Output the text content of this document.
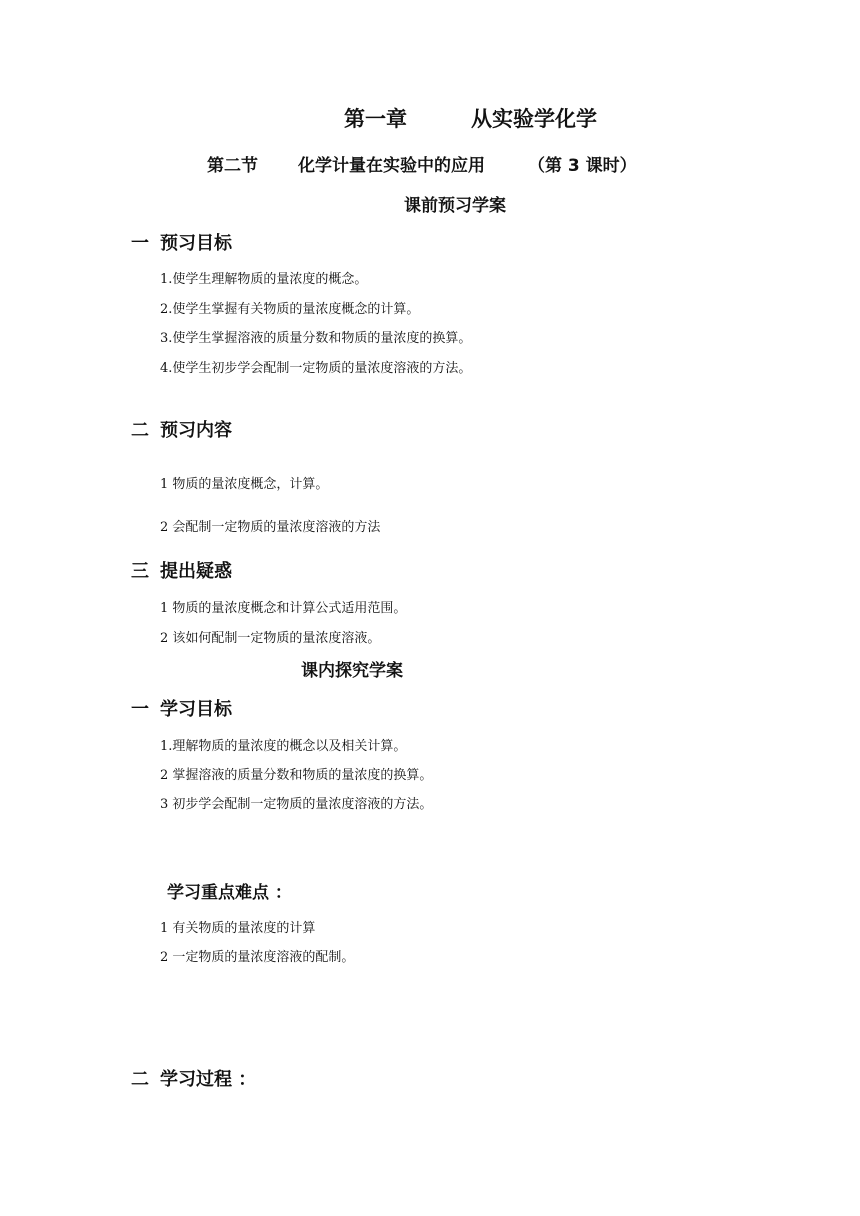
第一章	从实验学化学
第二节 化学计量在实验中的应用	（第 3 课时）
课前预习学案
一 预习目标
1.使学生理解物质的量浓度的概念。
2.使学生掌握有关物质的量浓度概念的计算。
3.使学生掌握溶液的质量分数和物质的量浓度的换算。
4.使学生初步学会配制一定物质的量浓度溶液的方法。
二 预习内容
1 物质的量浓度概念，计算。
2 会配制一定物质的量浓度溶液的方法
三 提出疑惑
1 物质的量浓度概念和计算公式适用范围。
2 该如何配制一定物质的量浓度溶液。
课内探究学案
一 学习目标
1.理解物质的量浓度的概念以及相关计算。
2 掌握溶液的质量分数和物质的量浓度的换算。
3 初步学会配制一定物质的量浓度溶液的方法。
学习重点难点 ：
1 有关物质的量浓度的计算
2 一定物质的量浓度溶液的配制。
二 学习过程 ：
